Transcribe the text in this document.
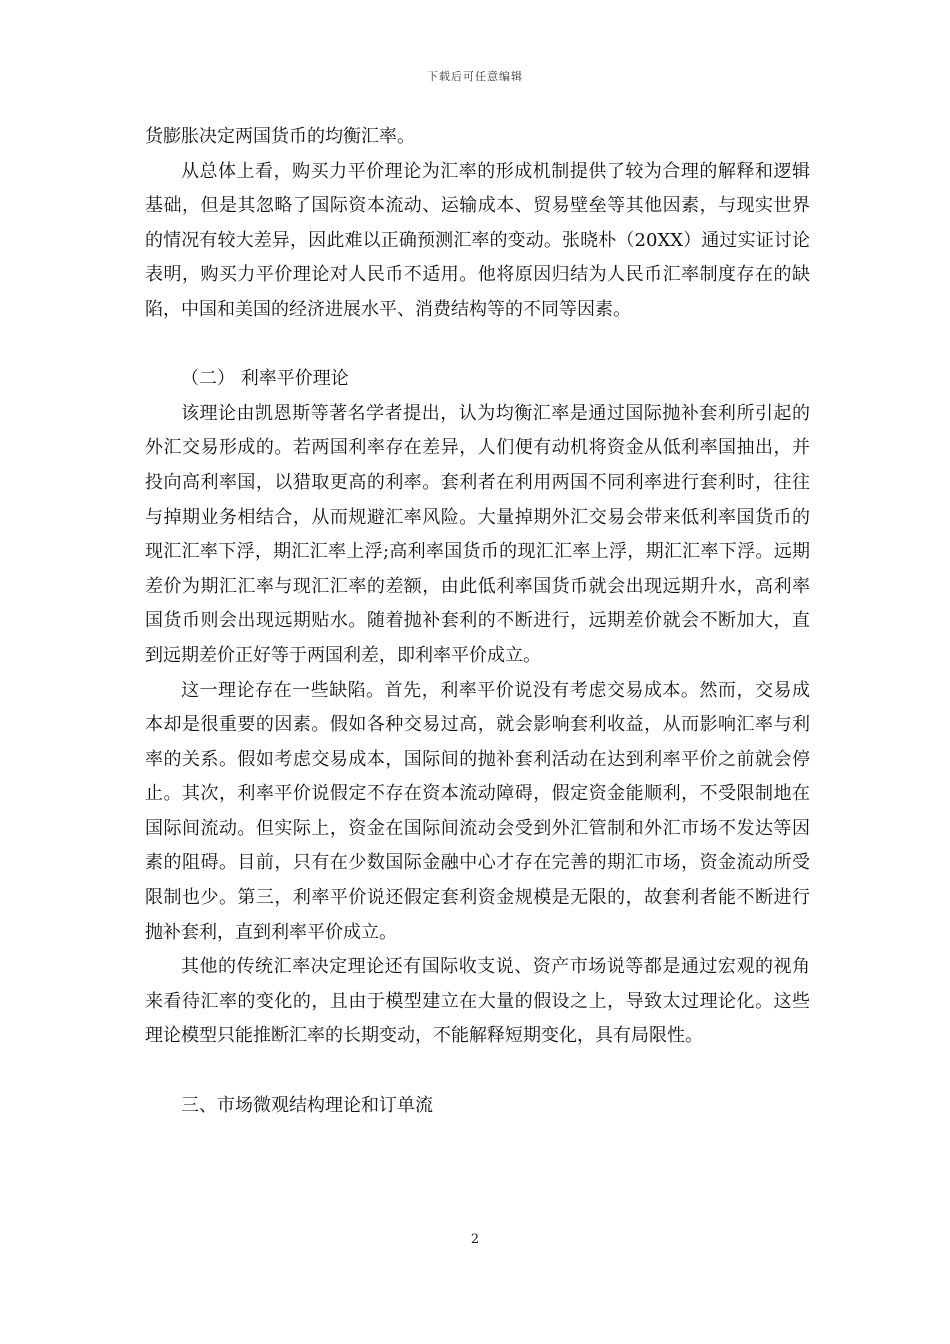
下载后可任意编辑

货膨胀决定两国货币的均衡汇率。

从总体上看，购买力平价理论为汇率的形成机制提供了较为合理的解释和逻辑基础，但是其忽略了国际资本流动、运输成本、贸易壁垒等其他因素，与现实世界的情况有较大差异，因此难以正确预测汇率的变动。张晓朴（20XX）通过实证讨论表明，购买力平价理论对人民币不适用。他将原因归结为人民币汇率制度存在的缺陷，中国和美国的经济进展水平、消费结构等的不同等因素。

（二） 利率平价理论

该理论由凯恩斯等著名学者提出，认为均衡汇率是通过国际抛补套利所引起的外汇交易形成的。若两国利率存在差异，人们便有动机将资金从低利率国抽出，并投向高利率国，以猎取更高的利率。套利者在利用两国不同利率进行套利时，往往与掉期业务相结合，从而规避汇率风险。大量掉期外汇交易会带来低利率国货币的现汇汇率下浮，期汇汇率上浮;高利率国货币的现汇汇率上浮，期汇汇率下浮。远期差价为期汇汇率与现汇汇率的差额，由此低利率国货币就会出现远期升水，高利率国货币则会出现远期贴水。随着抛补套利的不断进行，远期差价就会不断加大，直到远期差价正好等于两国利差，即利率平价成立。

这一理论存在一些缺陷。首先，利率平价说没有考虑交易成本。然而，交易成本却是很重要的因素。假如各种交易过高，就会影响套利收益，从而影响汇率与利率的关系。假如考虑交易成本，国际间的抛补套利活动在达到利率平价之前就会停止。其次，利率平价说假定不存在资本流动障碍，假定资金能顺利，不受限制地在国际间流动。但实际上，资金在国际间流动会受到外汇管制和外汇市场不发达等因素的阻碍。目前，只有在少数国际金融中心才存在完善的期汇市场，资金流动所受限制也少。第三，利率平价说还假定套利资金规模是无限的，故套利者能不断进行抛补套利，直到利率平价成立。

其他的传统汇率决定理论还有国际收支说、资产市场说等都是通过宏观的视角来看待汇率的变化的，且由于模型建立在大量的假设之上，导致太过理论化。这些理论模型只能推断汇率的长期变动，不能解释短期变化，具有局限性。

三、市场微观结构理论和订单流

2
